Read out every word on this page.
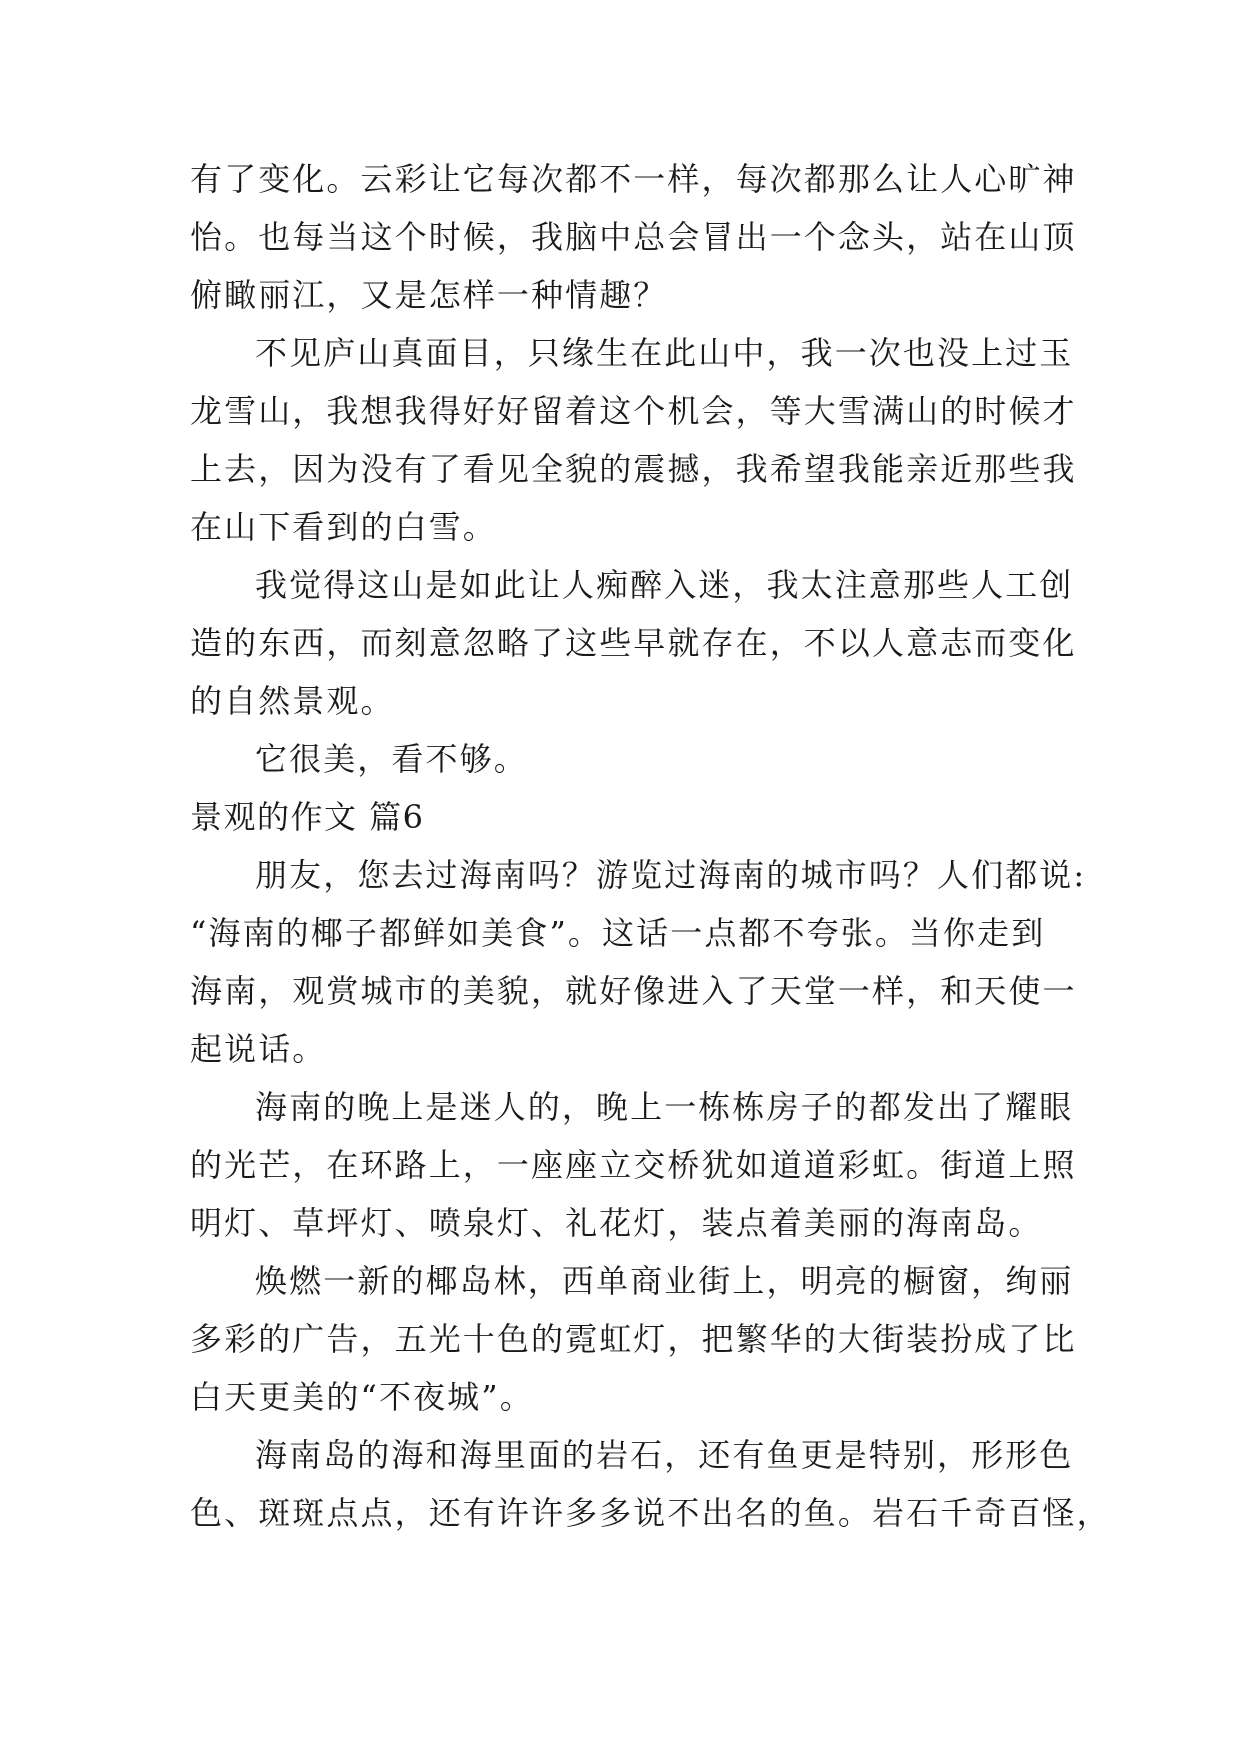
有了变化。云彩让它每次都不一样，每次都那么让人心旷神
怡。也每当这个时候，我脑中总会冒出一个念头，站在山顶
俯瞰丽江，又是怎样一种情趣？
不见庐山真面目，只缘生在此山中，我一次也没上过玉
龙雪山，我想我得好好留着这个机会，等大雪满山的时候才
上去，因为没有了看见全貌的震撼，我希望我能亲近那些我
在山下看到的白雪。
我觉得这山是如此让人痴醉入迷，我太注意那些人工创
造的东西，而刻意忽略了这些早就存在，不以人意志而变化
的自然景观。
它很美，看不够。
景观的作文 篇6
朋友，您去过海南吗？游览过海南的城市吗？人们都说:
“海南的椰子都鲜如美食”。这话一点都不夸张。当你走到
海南，观赏城市的美貌，就好像进入了天堂一样，和天使一
起说话。
海南的晚上是迷人的，晚上一栋栋房子的都发出了耀眼
的光芒，在环路上，一座座立交桥犹如道道彩虹。街道上照
明灯、草坪灯、喷泉灯、礼花灯，装点着美丽的海南岛。
焕燃一新的椰岛林，西单商业街上，明亮的橱窗，绚丽
多彩的广告，五光十色的霓虹灯，把繁华的大街装扮成了比
白天更美的“不夜城”。
海南岛的海和海里面的岩石，还有鱼更是特别，形形色
色、斑斑点点，还有许许多多说不出名的鱼。岩石千奇百怪，
